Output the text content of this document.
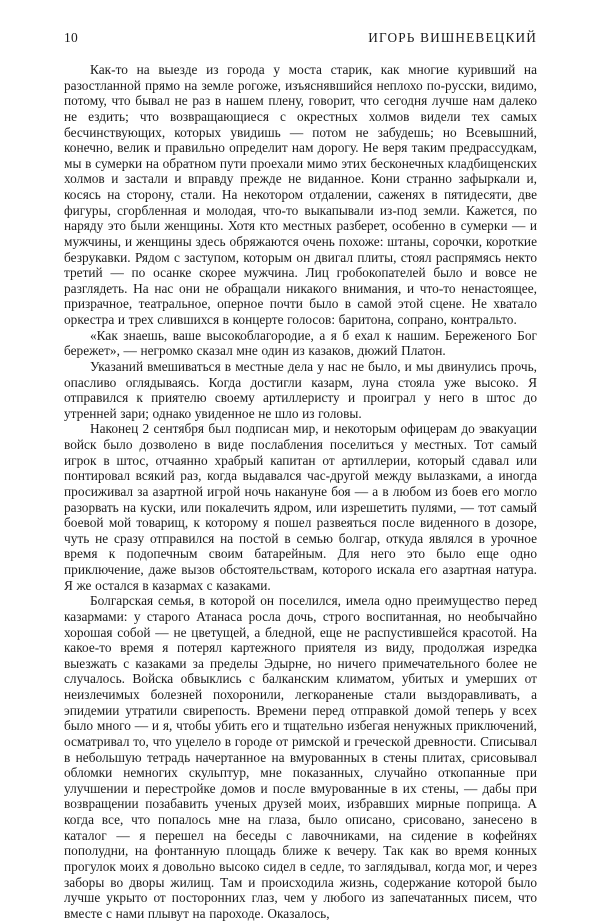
10	ИГОРЬ ВИШНЕВЕЦКИЙ

Как-то на выезде из города у моста старик, как многие куривший на разостланной прямо на земле рогоже, изъяснявшийся неплохо по-русски, видимо, потому, что бывал не раз в нашем плену, говорит, что сегодня лучше нам далеко не ездить; что возвращающиеся с окрестных холмов видели тех самых бесчинствующих, которых увидишь — потом не забудешь; но Всевышний, конечно, велик и правильно определит нам дорогу. Не веря таким предрассудкам, мы в сумерки на обратном пути проехали мимо этих бесконечных кладбищенских холмов и застали и вправду прежде не виданное. Кони странно зафыркали и, косясь на сторону, стали. На некотором отдалении, саженях в пятидесяти, две фигуры, сгорбленная и молодая, что-то выкапывали из-под земли. Кажется, по наряду это были женщины. Хотя кто местных разберет, особенно в сумерки — и мужчины, и женщины здесь обряжаются очень похоже: штаны, сорочки, короткие безрукавки. Рядом с заступом, которым он двигал плиты, стоял распрямясь некто третий — по осанке скорее мужчина. Лиц гробокопателей было и вовсе не разглядеть. На нас они не обращали никакого внимания, и что-то ненастоящее, призрачное, театральное, оперное почти было в самой этой сцене. Не хватало оркестра и трех слившихся в концерте голосов: баритона, сопрано, контральто.

«Как знаешь, ваше высокоблагородие, а я б ехал к нашим. Береженого Бог бережет», — негромко сказал мне один из казаков, дюжий Платон.

Указаний вмешиваться в местные дела у нас не было, и мы двинулись прочь, опасливо оглядываясь. Когда достигли казарм, луна стояла уже высоко. Я отправился к приятелю своему артиллеристу и проиграл у него в штос до утренней зари; однако увиденное не шло из головы.

Наконец 2 сентября был подписан мир, и некоторым офицерам до эвакуации войск было дозволено в виде послабления поселиться у местных. Тот самый игрок в штос, отчаянно храбрый капитан от артиллерии, который сдавал или понтировал всякий раз, когда выдавался час-другой между вылазками, а иногда просиживал за азартной игрой ночь накануне боя — а в любом из боев его могло разорвать на куски, или покалечить ядром, или изрешетить пулями, — тот самый боевой мой товарищ, к которому я пошел развеяться после виденного в дозоре, чуть не сразу отправился на постой в семью болгар, откуда являлся в урочное время к подопечным своим батарейным. Для него это было еще одно приключение, даже вызов обстоятельствам, которого искала его азартная натура. Я же остался в казармах с казаками.

Болгарская семья, в которой он поселился, имела одно преимущество перед казармами: у старого Атанаса росла дочь, строго воспитанная, но необычайно хорошая собой — не цветущей, а бледной, еще не распустившейся красотой. На какое-то время я потерял картежного приятеля из виду, продолжая изредка выезжать с казаками за пределы Эдырне, но ничего примечательного более не случалось. Войска обвыклись с балканским климатом, убитых и умерших от неизлечимых болезней похоронили, легкораненые стали выздоравливать, а эпидемии утратили свирепость. Времени перед отправкой домой теперь у всех было много — и я, чтобы убить его и тщательно избегая ненужных приключений, осматривал то, что уцелело в городе от римской и греческой древности. Списывал в небольшую тетрадь начертанное на вмурованных в стены плитах, срисовывал обломки немногих скульптур, мне показанных, случайно откопанные при улучшении и перестройке домов и после вмурованные в их стены, — дабы при возвращении позабавить ученых друзей моих, избравших мирные поприща. А когда все, что попалось мне на глаза, было описано, срисовано, занесено в каталог — я перешел на беседы с лавочниками, на сидение в кофейнях пополудни, на фонтанную площадь ближе к вечеру. Так как во время конных прогулок моих я довольно высоко сидел в седле, то заглядывал, когда мог, и через заборы во дворы жилищ. Там и происходила жизнь, содержание которой было лучше укрыто от посторонних глаз, чем у любого из запечатанных писем, что вместе с нами плывут на пароходе. Оказалось,
